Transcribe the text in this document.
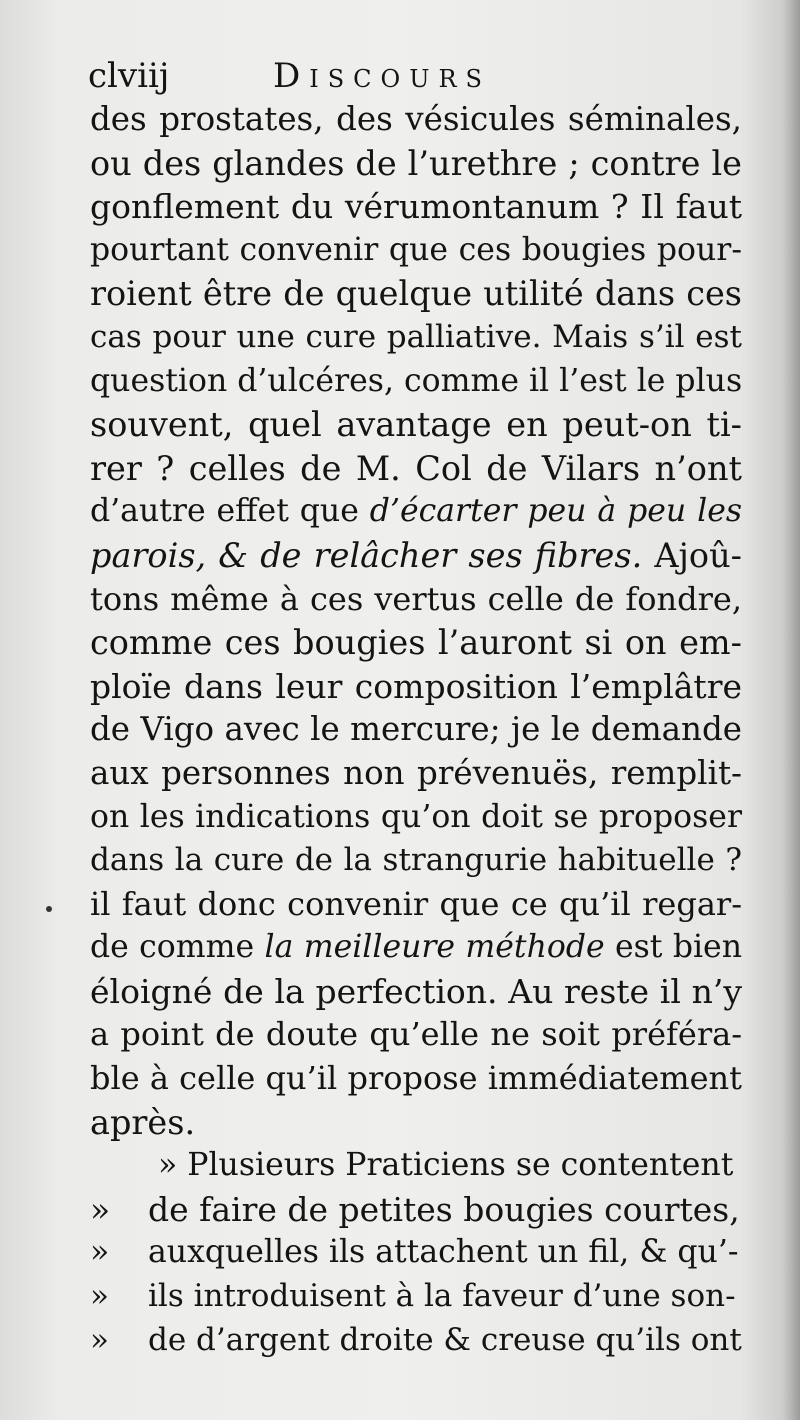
clviij	Discours
des prostates, des vésicules séminales,
ou des glandes de l’urethre ; contre le
gonflement du vérumontanum ? Il faut
pourtant convenir que ces bougies pour-
roient être de quelque utilité dans ces
cas pour une cure palliative. Mais s’il est
question d’ulcéres, comme il l’est le plus
souvent, quel avantage en peut-on ti-
rer ? celles de M. Col de Vilars n’ont
d’autre effet que d’écarter peu à peu les
parois, & de relâcher ses fibres. Ajoû-
tons même à ces vertus celle de fondre,
comme ces bougies l’auront si on em-
ploïe dans leur composition l’emplâtre
de Vigo avec le mercure; je le demande
aux personnes non prévenuës, remplit-
on les indications qu’on doit se proposer
dans la cure de la strangurie habituelle ?
il faut donc convenir que ce qu’il regar-
de comme la meilleure méthode est bien
éloigné de la perfection. Au reste il n’y
a point de doute qu’elle ne soit préféra-
ble à celle qu’il propose immédiatement
après.
» Plusieurs Praticiens se contentent
» de faire de petites bougies courtes,
» auxquelles ils attachent un fil, & qu’-
» ils introduisent à la faveur d’une son-
» de d’argent droite & creuse qu’ils ont
